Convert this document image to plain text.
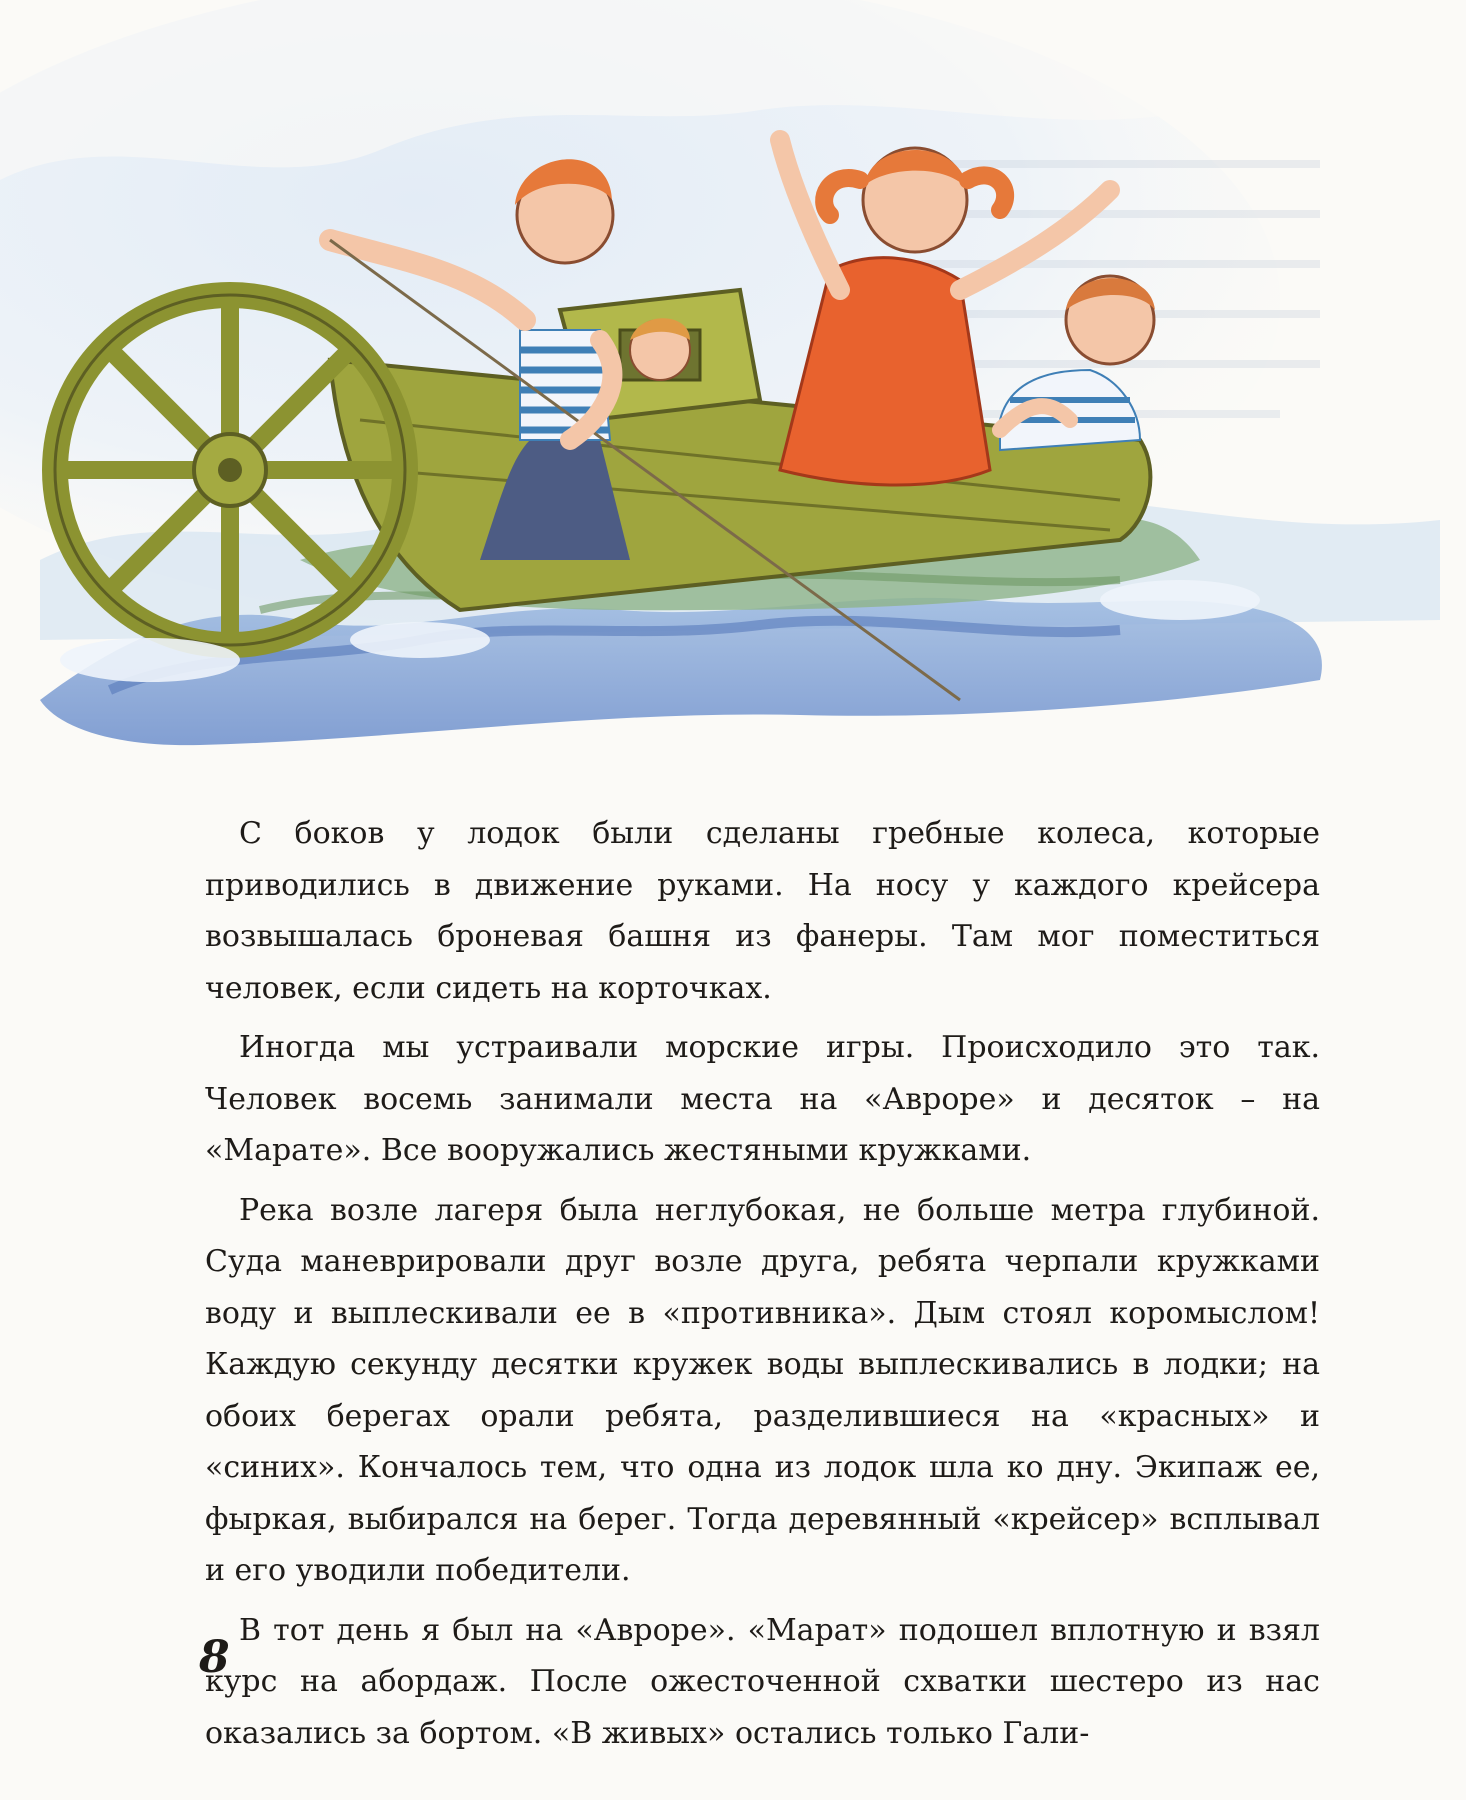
С боков у лодок были сделаны гребные колеса, которые приводились в движение руками. На носу у каждого крейсера возвышалась броневая башня из фанеры. Там мог поместиться человек, если сидеть на корточках.

Иногда мы устраивали морские игры. Происходило это так. Человек восемь занимали места на «Авроре» и десяток – на «Марате». Все вооружались жестяными кружками.

Река возле лагеря была неглубокая, не больше метра глубиной. Суда маневрировали друг возле друга, ребята черпали кружками воду и выплескивали ее в «противника». Дым стоял коромыслом! Каждую секунду десятки кружек воды выплескивались в лодки; на обоих берегах орали ребята, разделившиеся на «красных» и «синих». Кончалось тем, что одна из лодок шла ко дну. Экипаж ее, фыркая, выбирался на берег. Тогда деревянный «крейсер» всплывал и его уводили победители.

В тот день я был на «Авроре». «Марат» подошел вплотную и взял курс на абордаж. После ожесточенной схватки шестеро из нас оказались за бортом. «В живых» остались только Гали-

8
